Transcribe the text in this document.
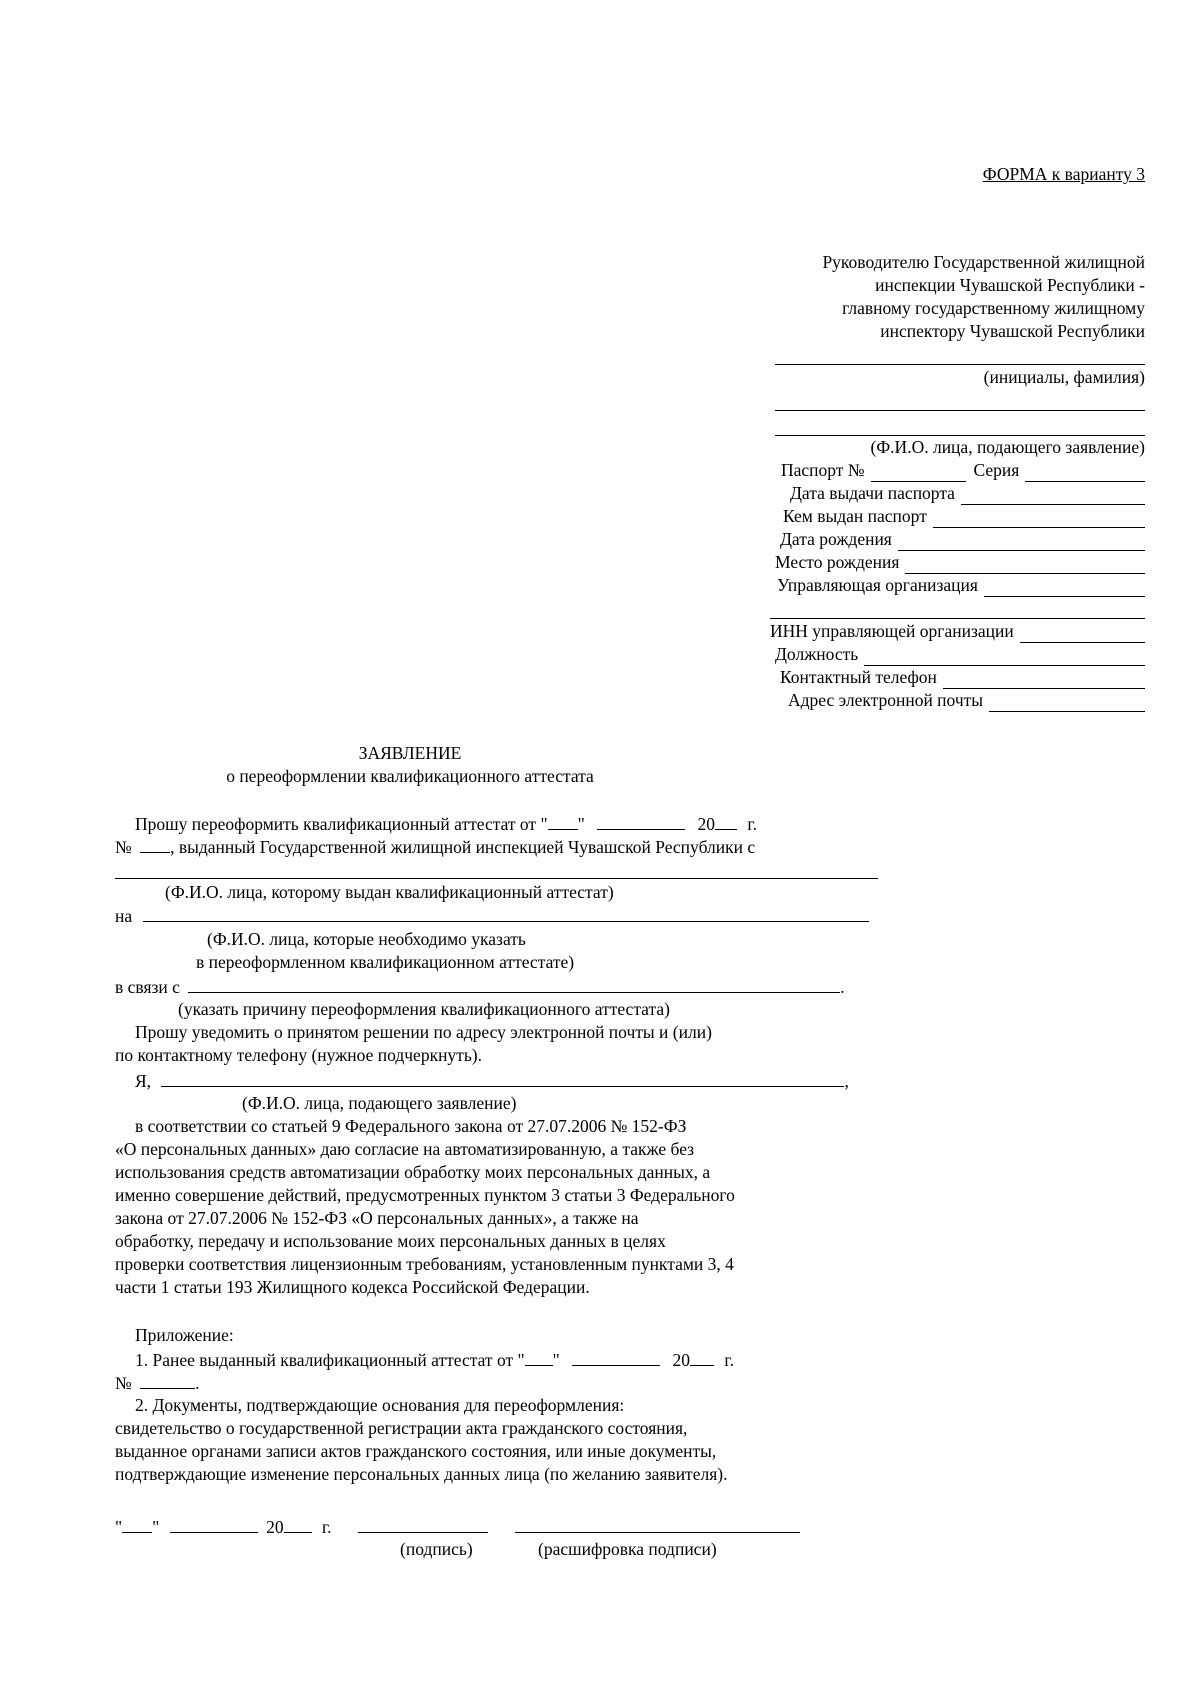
ФОРМА к варианту 3
Руководителю Государственной жилищной
инспекции Чувашской Республики -
главному государственному жилищному
инспектору Чувашской Республики
(инициалы, фамилия)
(Ф.И.О. лица, подающего заявление)
Паспорт №	Серия
Дата выдачи паспорта
Кем выдан паспорт
Дата рождения
Место рождения
Управляющая организация
ИНН управляющей организации
Должность
Контактный телефон
Адрес электронной почты
ЗАЯВЛЕНИЕ
о переоформлении квалификационного аттестата
Прошу переоформить квалификационный аттестат от " "	20 г.
№ , выданный Государственной жилищной инспекцией Чувашской Республики с
(Ф.И.О. лица, которому выдан квалификационный аттестат)
на
(Ф.И.О. лица, которые необходимо указать
в переоформленном квалификационном аттестате)
в связи с	.
(указать причину переоформления квалификационного аттестата)
Прошу уведомить о принятом решении по адресу электронной почты и (или)
по контактному телефону (нужное подчеркнуть).
Я,	,
(Ф.И.О. лица, подающего заявление)
в соответствии со статьей 9 Федерального закона от 27.07.2006 № 152-ФЗ
«О персональных данных» даю согласие на автоматизированную, а также без
использования средств автоматизации обработку моих персональных данных, а
именно совершение действий, предусмотренных пунктом 3 статьи 3 Федерального
закона от 27.07.2006 № 152-ФЗ «О персональных данных», а также на
обработку, передачу и использование моих персональных данных в целях
проверки соответствия лицензионным требованиям, установленным пунктами 3, 4
части 1 статьи 193 Жилищного кодекса Российской Федерации.
Приложение:
1. Ранее выданный квалификационный аттестат от " "	20 г.
№	.
2. Документы, подтверждающие основания для переоформления:
свидетельство о государственной регистрации акта гражданского состояния,
выданное органами записи актов гражданского состояния, или иные документы,
подтверждающие изменение персональных данных лица (по желанию заявителя).
" "	20 г.
(подпись)	(расшифровка подписи)
